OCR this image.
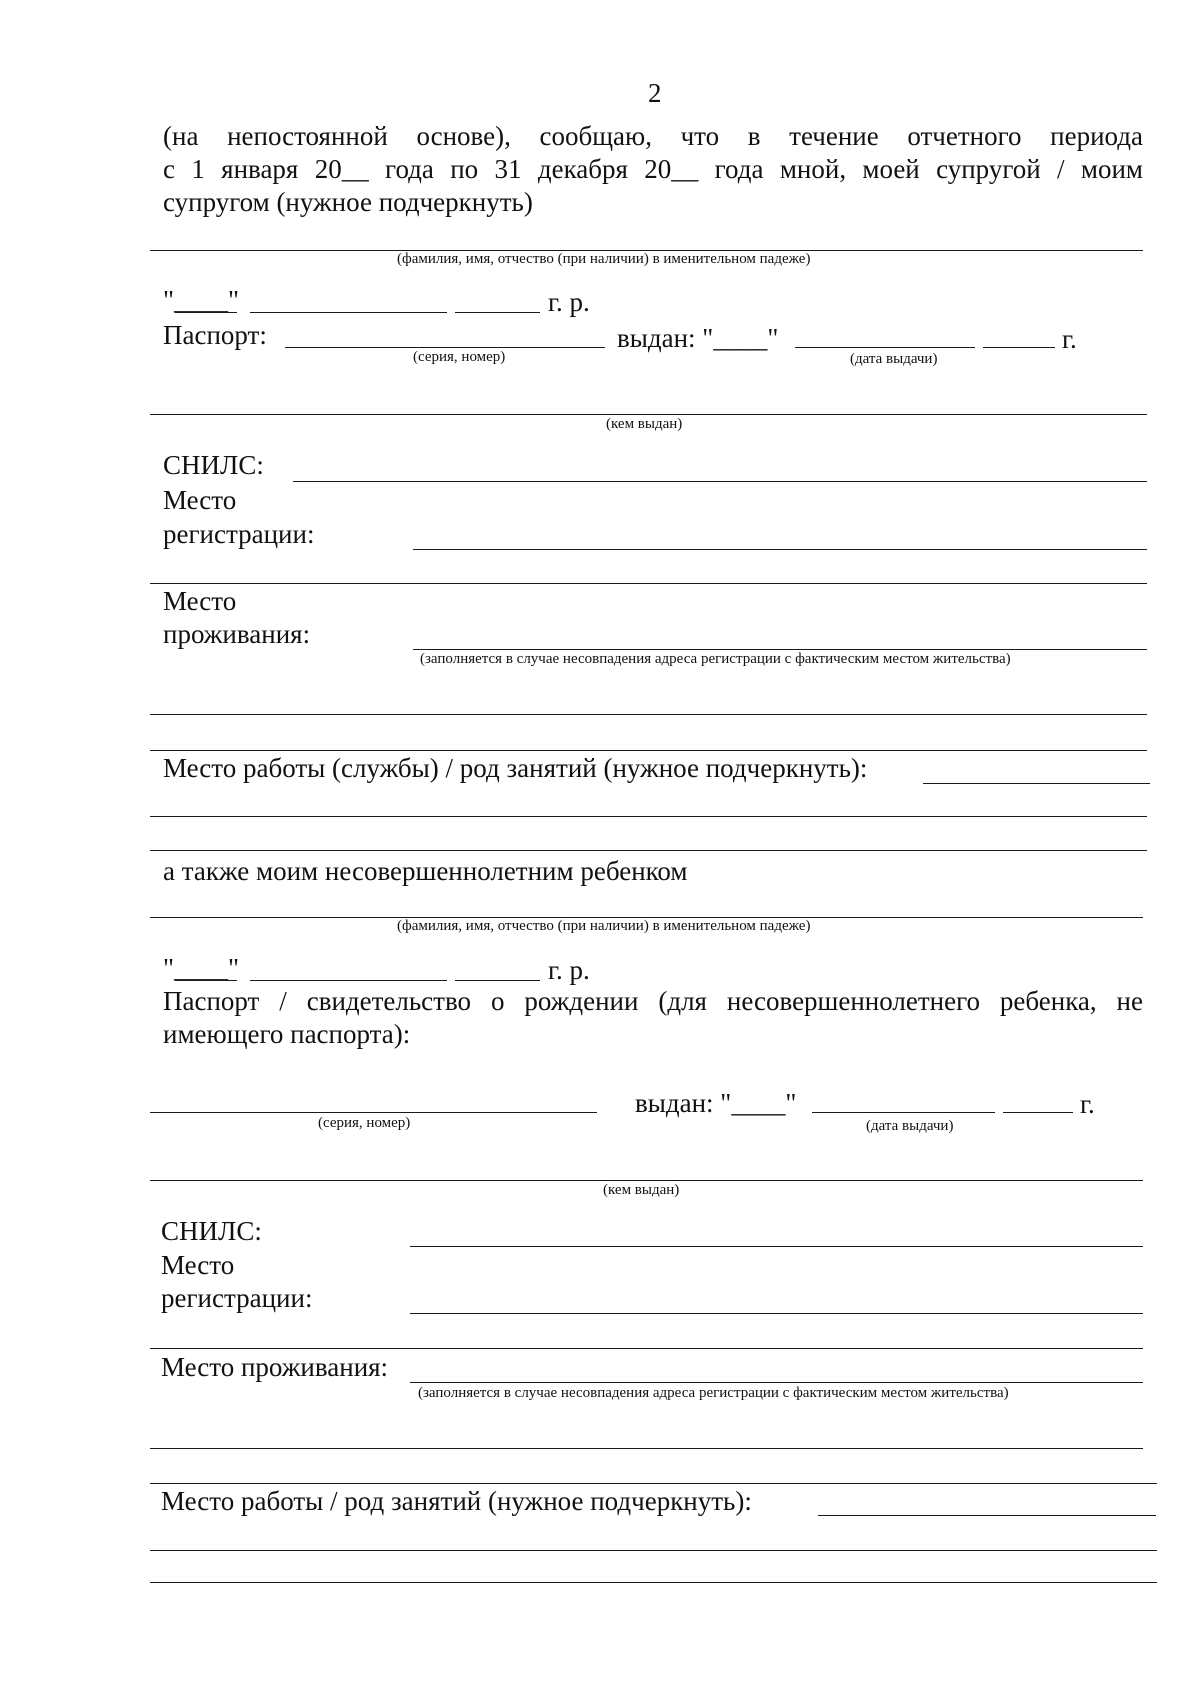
2
(на непостоянной основе), сообщаю, что в течение отчетного периода
с 1 января 20__ года по 31 декабря 20__ года мной, моей супругой / моим
супругом (нужное подчеркнуть)
(фамилия, имя, отчество (при наличии) в именительном падеже)
"____"	г. р.
Паспорт:
(серия, номер)
выдан: "____"
(дата выдачи)
г.
(кем выдан)
СНИЛС:
Место
регистрации:
Место
проживания:
(заполняется в случае несовпадения адреса регистрации с фактическим местом жительства)
Место работы (службы) / род занятий (нужное подчеркнуть):
а также моим несовершеннолетним ребенком
(фамилия, имя, отчество (при наличии) в именительном падеже)
"____"	г. р.
Паспорт / свидетельство о рождении (для несовершеннолетнего ребенка, не
имеющего паспорта):
(серия, номер)
выдан: "____"
(дата выдачи)
г.
(кем выдан)
СНИЛС:
Место
регистрации:
Место проживания:
(заполняется в случае несовпадения адреса регистрации с фактическим местом жительства)
Место работы / род занятий (нужное подчеркнуть):
